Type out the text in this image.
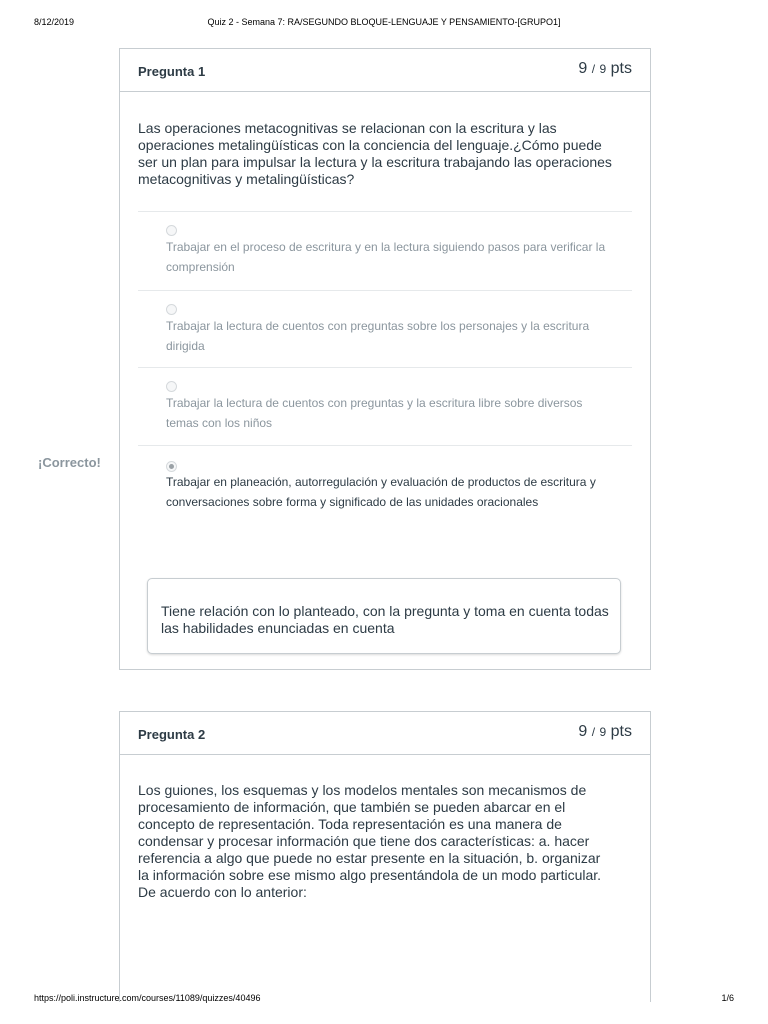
8/12/2019	Quiz 2 - Semana 7: RA/SEGUNDO BLOQUE-LENGUAJE Y PENSAMIENTO-[GRUPO1]
Pregunta 1	9 / 9 pts
Las operaciones metacognitivas se relacionan con la escritura y las operaciones metalingüísticas con la conciencia del lenguaje.¿Cómo puede ser un plan para impulsar la lectura y la escritura trabajando las operaciones metacognitivas y metalingüísticas?
Trabajar en el proceso de escritura y en la lectura siguiendo pasos para verificar la comprensión
Trabajar la lectura de cuentos con preguntas sobre los personajes y la escritura dirigida
Trabajar la lectura de cuentos con preguntas y la escritura libre sobre diversos temas con los niños
Trabajar en planeación, autorregulación y evaluación de productos de escritura y conversaciones sobre forma y significado de las unidades oracionales
Tiene relación con lo planteado, con la pregunta y toma en cuenta todas las habilidades enunciadas en cuenta
¡Correcto!
Pregunta 2	9 / 9 pts
Los guiones, los esquemas y los modelos mentales son mecanismos de procesamiento de información, que también se pueden abarcar en el concepto de representación. Toda representación es una manera de condensar y procesar información que tiene dos características: a. hacer referencia a algo que puede no estar presente en la situación, b. organizar la información sobre ese mismo algo presentándola de un modo particular. De acuerdo con lo anterior:
https://poli.instructure.com/courses/11089/quizzes/40496	1/6
